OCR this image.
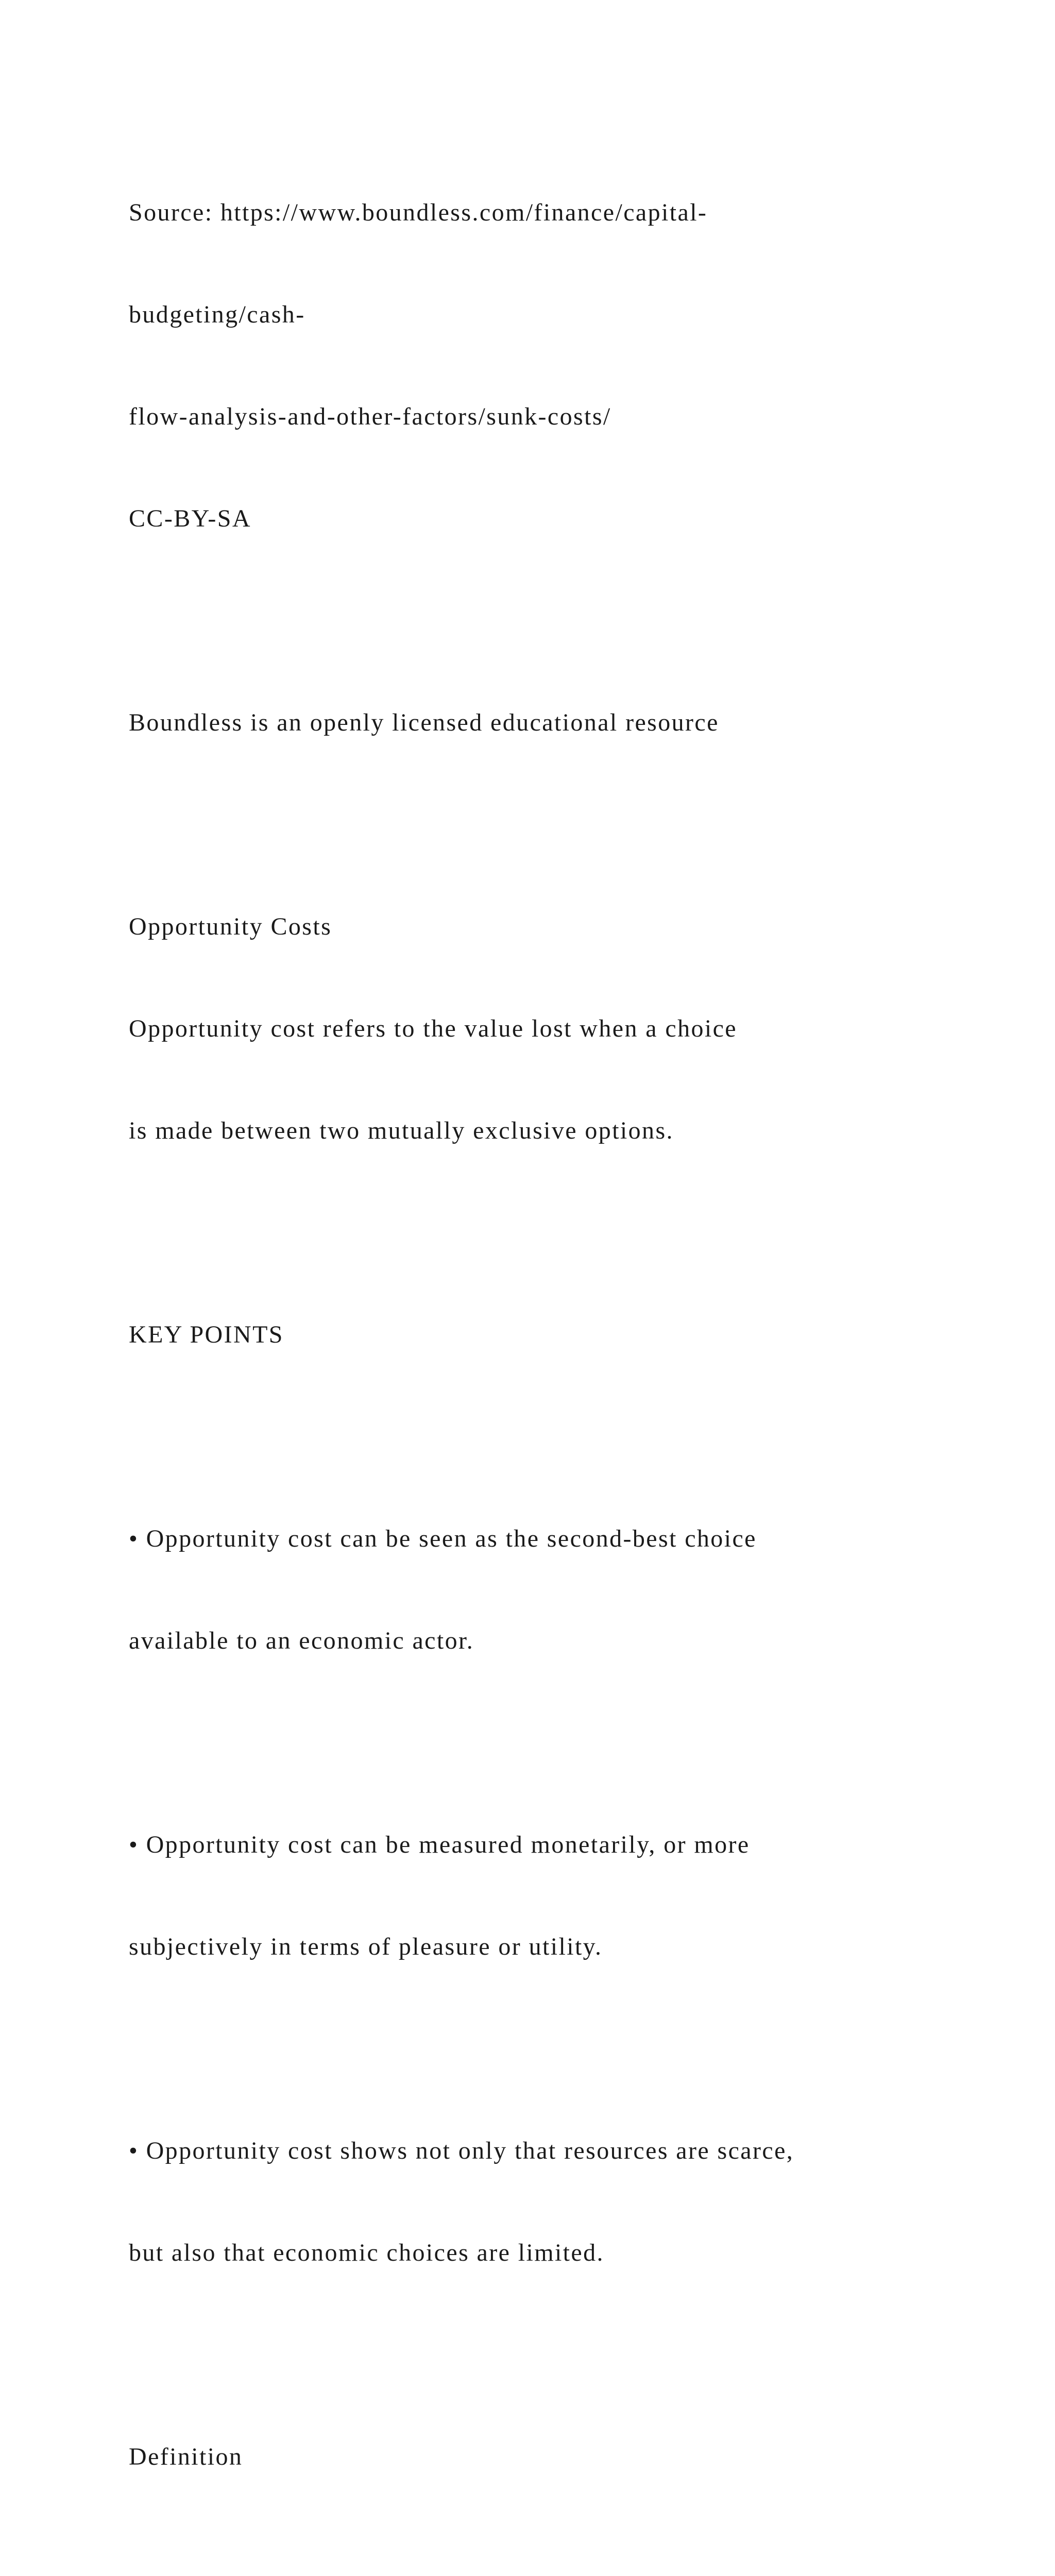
Source: https://www.boundless.com/finance/capital-

budgeting/cash-

flow-analysis-and-other-factors/sunk-costs/

CC-BY-SA

Boundless is an openly licensed educational resource

Opportunity Costs

Opportunity cost refers to the value lost when a choice

is made between two mutually exclusive options.

KEY POINTS

• Opportunity cost can be seen as the second-best choice

available to an economic actor.

• Opportunity cost can be measured monetarily, or more

subjectively in terms of pleasure or utility.

• Opportunity cost shows not only that resources are scarce,

but also that economic choices are limited.

Definition
